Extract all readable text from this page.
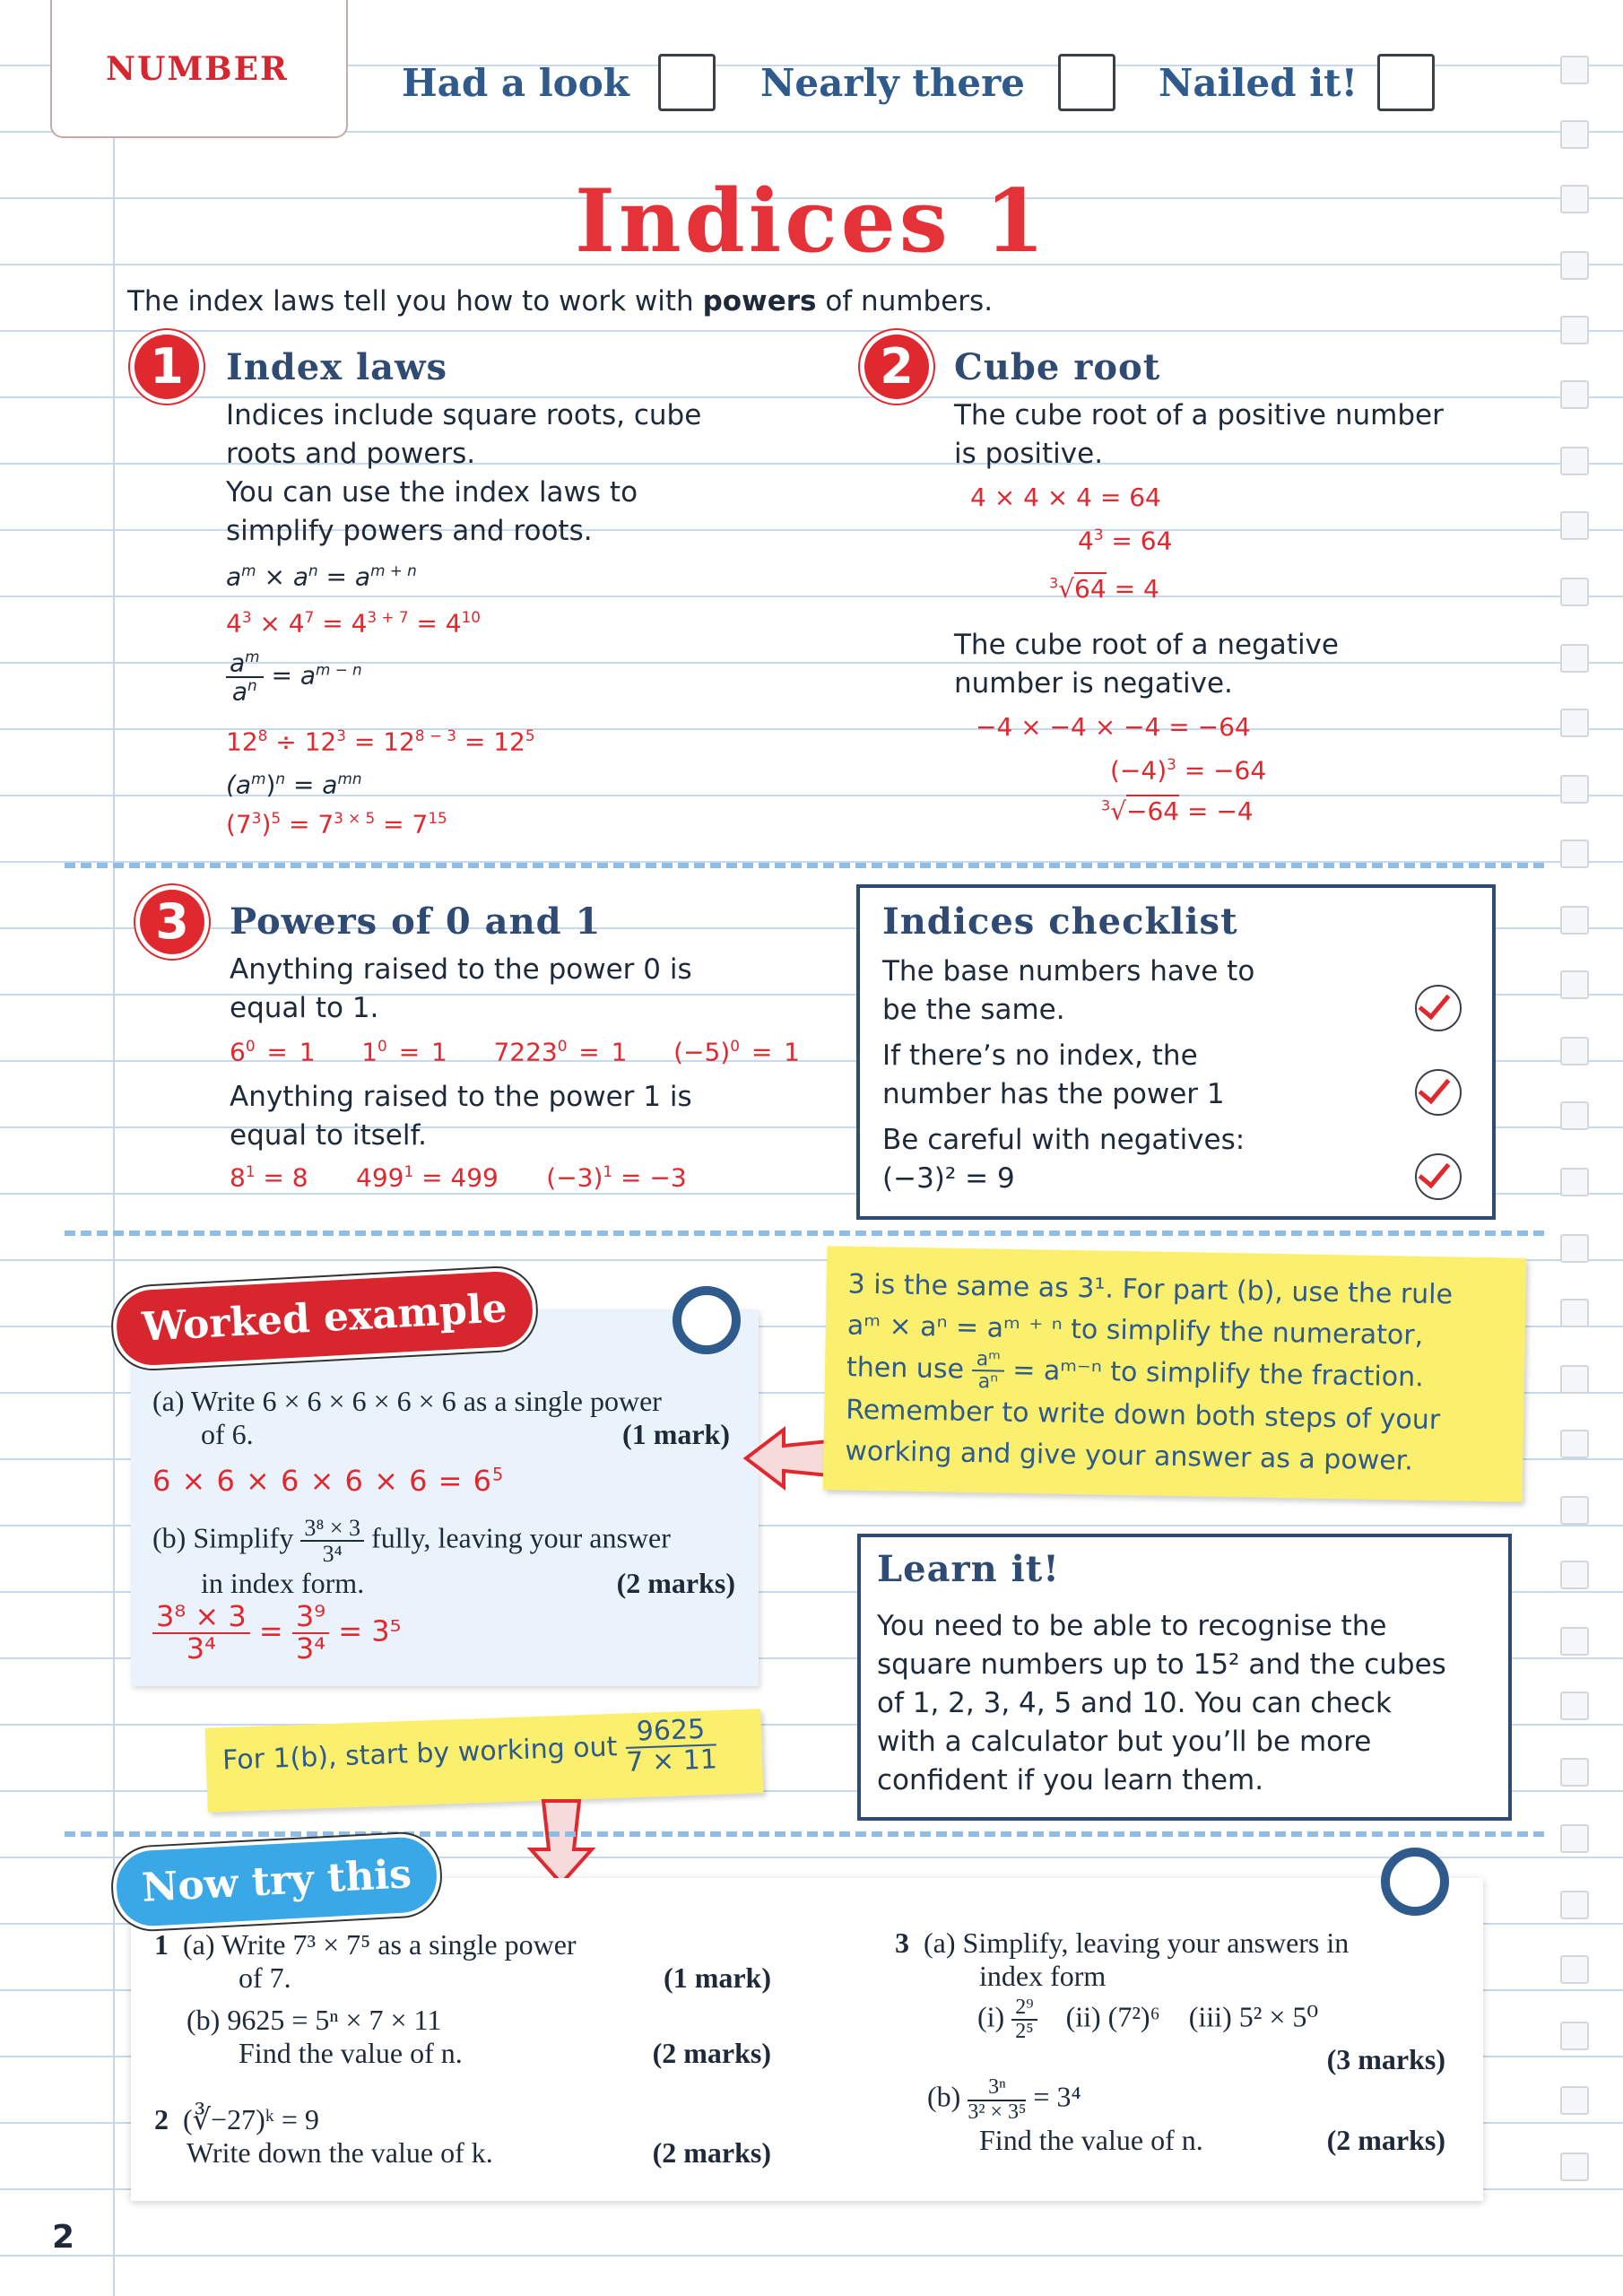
NUMBER	Had a look	Nearly there	Nailed it!
Indices 1
The index laws tell you how to work with powers of numbers.
1	Index laws
Indices include square roots, cube
roots and powers.
You can use the index laws to
simplify powers and roots.
$a^m \times a^n = a^{m + n}$
$4^3 \times 4^7 = 4^{3 + 7} = 4^{10}$
$\frac{a^m}{a^n} = a^{m - n}$
$12^8 \div 12^3 = 12^{8 - 3} = 12^5$
$(a^m)^n = a^{mn}$
$(7^3)^5 = 7^{3 \times 5} = 7^{15}$
2	Cube root
The cube root of a positive number
is positive.
4 × 4 × 4 = 64
$4^3 = 64$
$^3$√64 = 4
The cube root of a negative
number is negative.
−4 × −4 × −4 = −64
$(-4)^3 = -64$
$^3$√−64 = −4
3	Powers of 0 and 1
Anything raised to the power 0 is
equal to 1.
$6^0 = 1$ $1^0 = 1$ $7223^0 = 1$ $(-5)^0 = 1$
Anything raised to the power 1 is
equal to itself.
$8^1 = 8$ $499^1 = 499$ $(-3)^1 = -3$
Indices checklist
The base numbers have to
be the same.
If there’s no index, the
number has the power 1
Be careful with negatives:
(−3)² = 9
Worked example
(a) Write 6 × 6 × 6 × 6 × 6 as a single power
of 6.	(1 mark)
$6 \times 6 \times 6 \times 6 \times 6 = 6^5$
(b) Simplify $\frac{\text{3⁸ × 3}}{\text{3⁴}}$ fully, leaving your answer
in index form.	(2 marks)
$\frac{\text{3⁸ × 3}}{\text{3⁴}} = \frac{\text{3⁹}}{\text{3⁴}} = 3^5$
3 is the same as 3¹. For part (b), use the rule
aᵐ × aⁿ = aᵐ ⁺ ⁿ to simplify the numerator,
then use $\frac{\text{aᵐ}}{\text{aⁿ}}$ = aᵐ⁻ⁿ to simplify the fraction.
Remember to write down both steps of your
working and give your answer as a power.
Learn it!
You need to be able to recognise the
square numbers up to 15² and the cubes
of 1, 2, 3, 4, 5 and 10. You can check
with a calculator but you’ll be more
confident if you learn them.
For 1(b), start by working out $\frac{9625}{7 \times 11}$
Now try this
1 (a) Write 7³ × 7⁵ as a single power
of 7.	(1 mark)
(b) 9625 = 5ⁿ × 7 × 11
Find the value of n.	(2 marks)
2 (∛−27)ᵏ = 9
Write down the value of k.	(2 marks)
3 (a) Simplify, leaving your answers in
index form
$(i) \frac{\text{2⁹}}{\text{2⁵}} (ii)$ (7²)⁶ (iii) 5² × 5⁰
(3 marks)
$(b) \frac{\text{3ⁿ}}{\text{3² × 3⁵}} = 3^4$
Find the value of n.	(2 marks)
2
